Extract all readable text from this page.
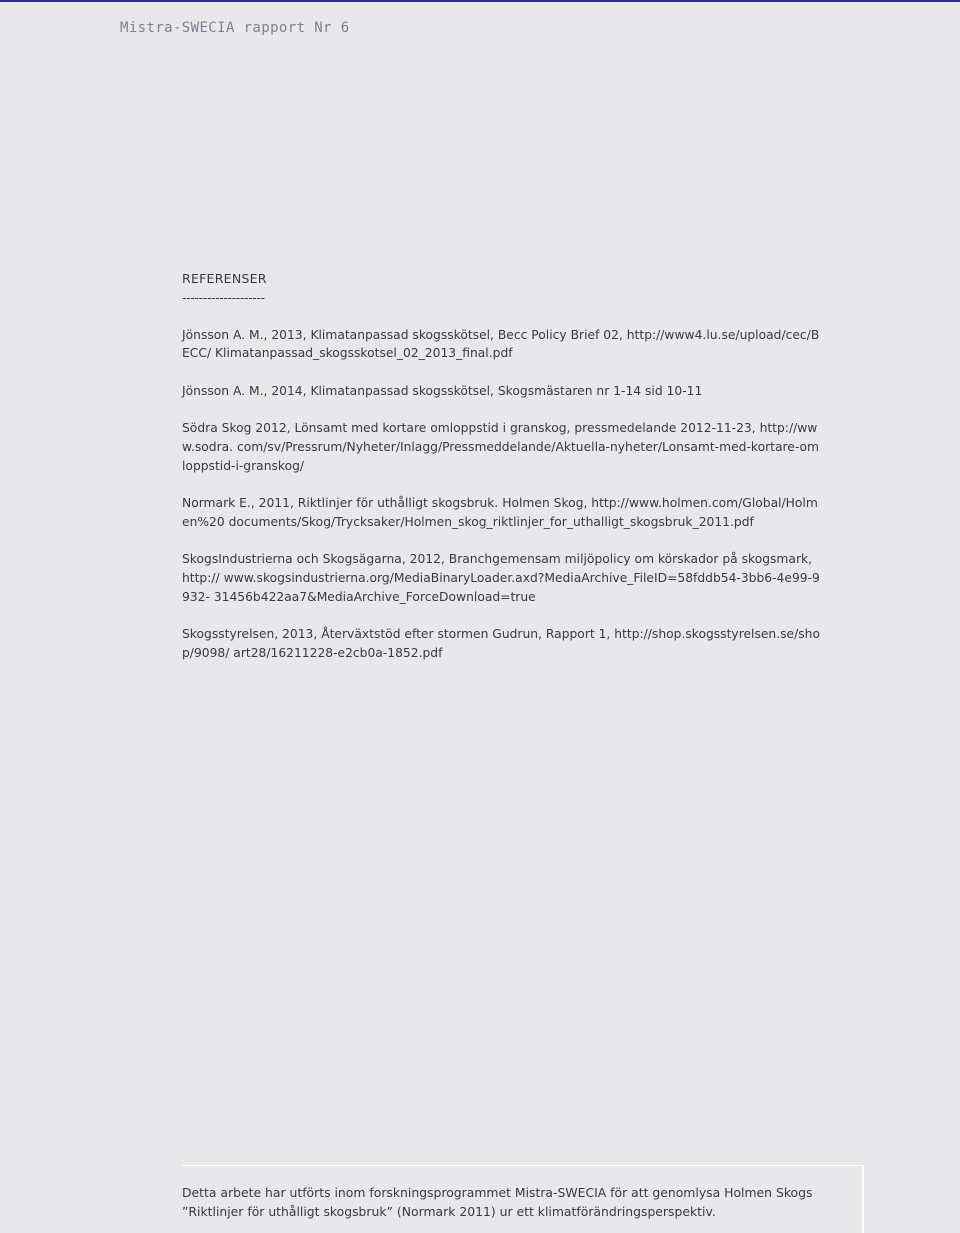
Mistra-SWECIA rapport Nr 6
REFERENSER
--------------------

Jönsson A. M., 2013, Klimatanpassad skogsskötsel, Becc Policy Brief 02, http://www4.lu.se/upload/cec/BECC/ Klimatanpassad_skogsskotsel_02_2013_final.pdf

Jönsson A. M., 2014, Klimatanpassad skogsskötsel, Skogsmästaren nr 1-14 sid 10-11

Södra Skog 2012, Lönsamt med kortare omloppstid i granskog, pressmedelande 2012-11-23, http://www.sodra. com/sv/Pressrum/Nyheter/Inlagg/Pressmeddelande/Aktuella-nyheter/Lonsamt-med-kortare-omloppstid-i-granskog/

Normark E., 2011, Riktlinjer för uthålligt skogsbruk. Holmen Skog, http://www.holmen.com/Global/Holmen%20 documents/Skog/Trycksaker/Holmen_skog_riktlinjer_for_uthalligt_skogsbruk_2011.pdf

SkogsIndustrierna och Skogsägarna, 2012, Branchgemensam miljöpolicy om körskador på skogsmark, http:// www.skogsindustrierna.org/MediaBinaryLoader.axd?MediaArchive_FileID=58fddb54-3bb6-4e99-9932- 31456b422aa7&MediaArchive_ForceDownload=true

Skogsstyrelsen, 2013, Återväxtstöd efter stormen Gudrun, Rapport 1, http://shop.skogsstyrelsen.se/shop/9098/ art28/16211228-e2cb0a-1852.pdf

Detta arbete har utförts inom forskningsprogrammet Mistra-SWECIA för att genomlysa Holmen Skogs ”Riktlinjer för uthålligt skogsbruk” (Normark 2011) ur ett klimatförändringsperspektiv.
